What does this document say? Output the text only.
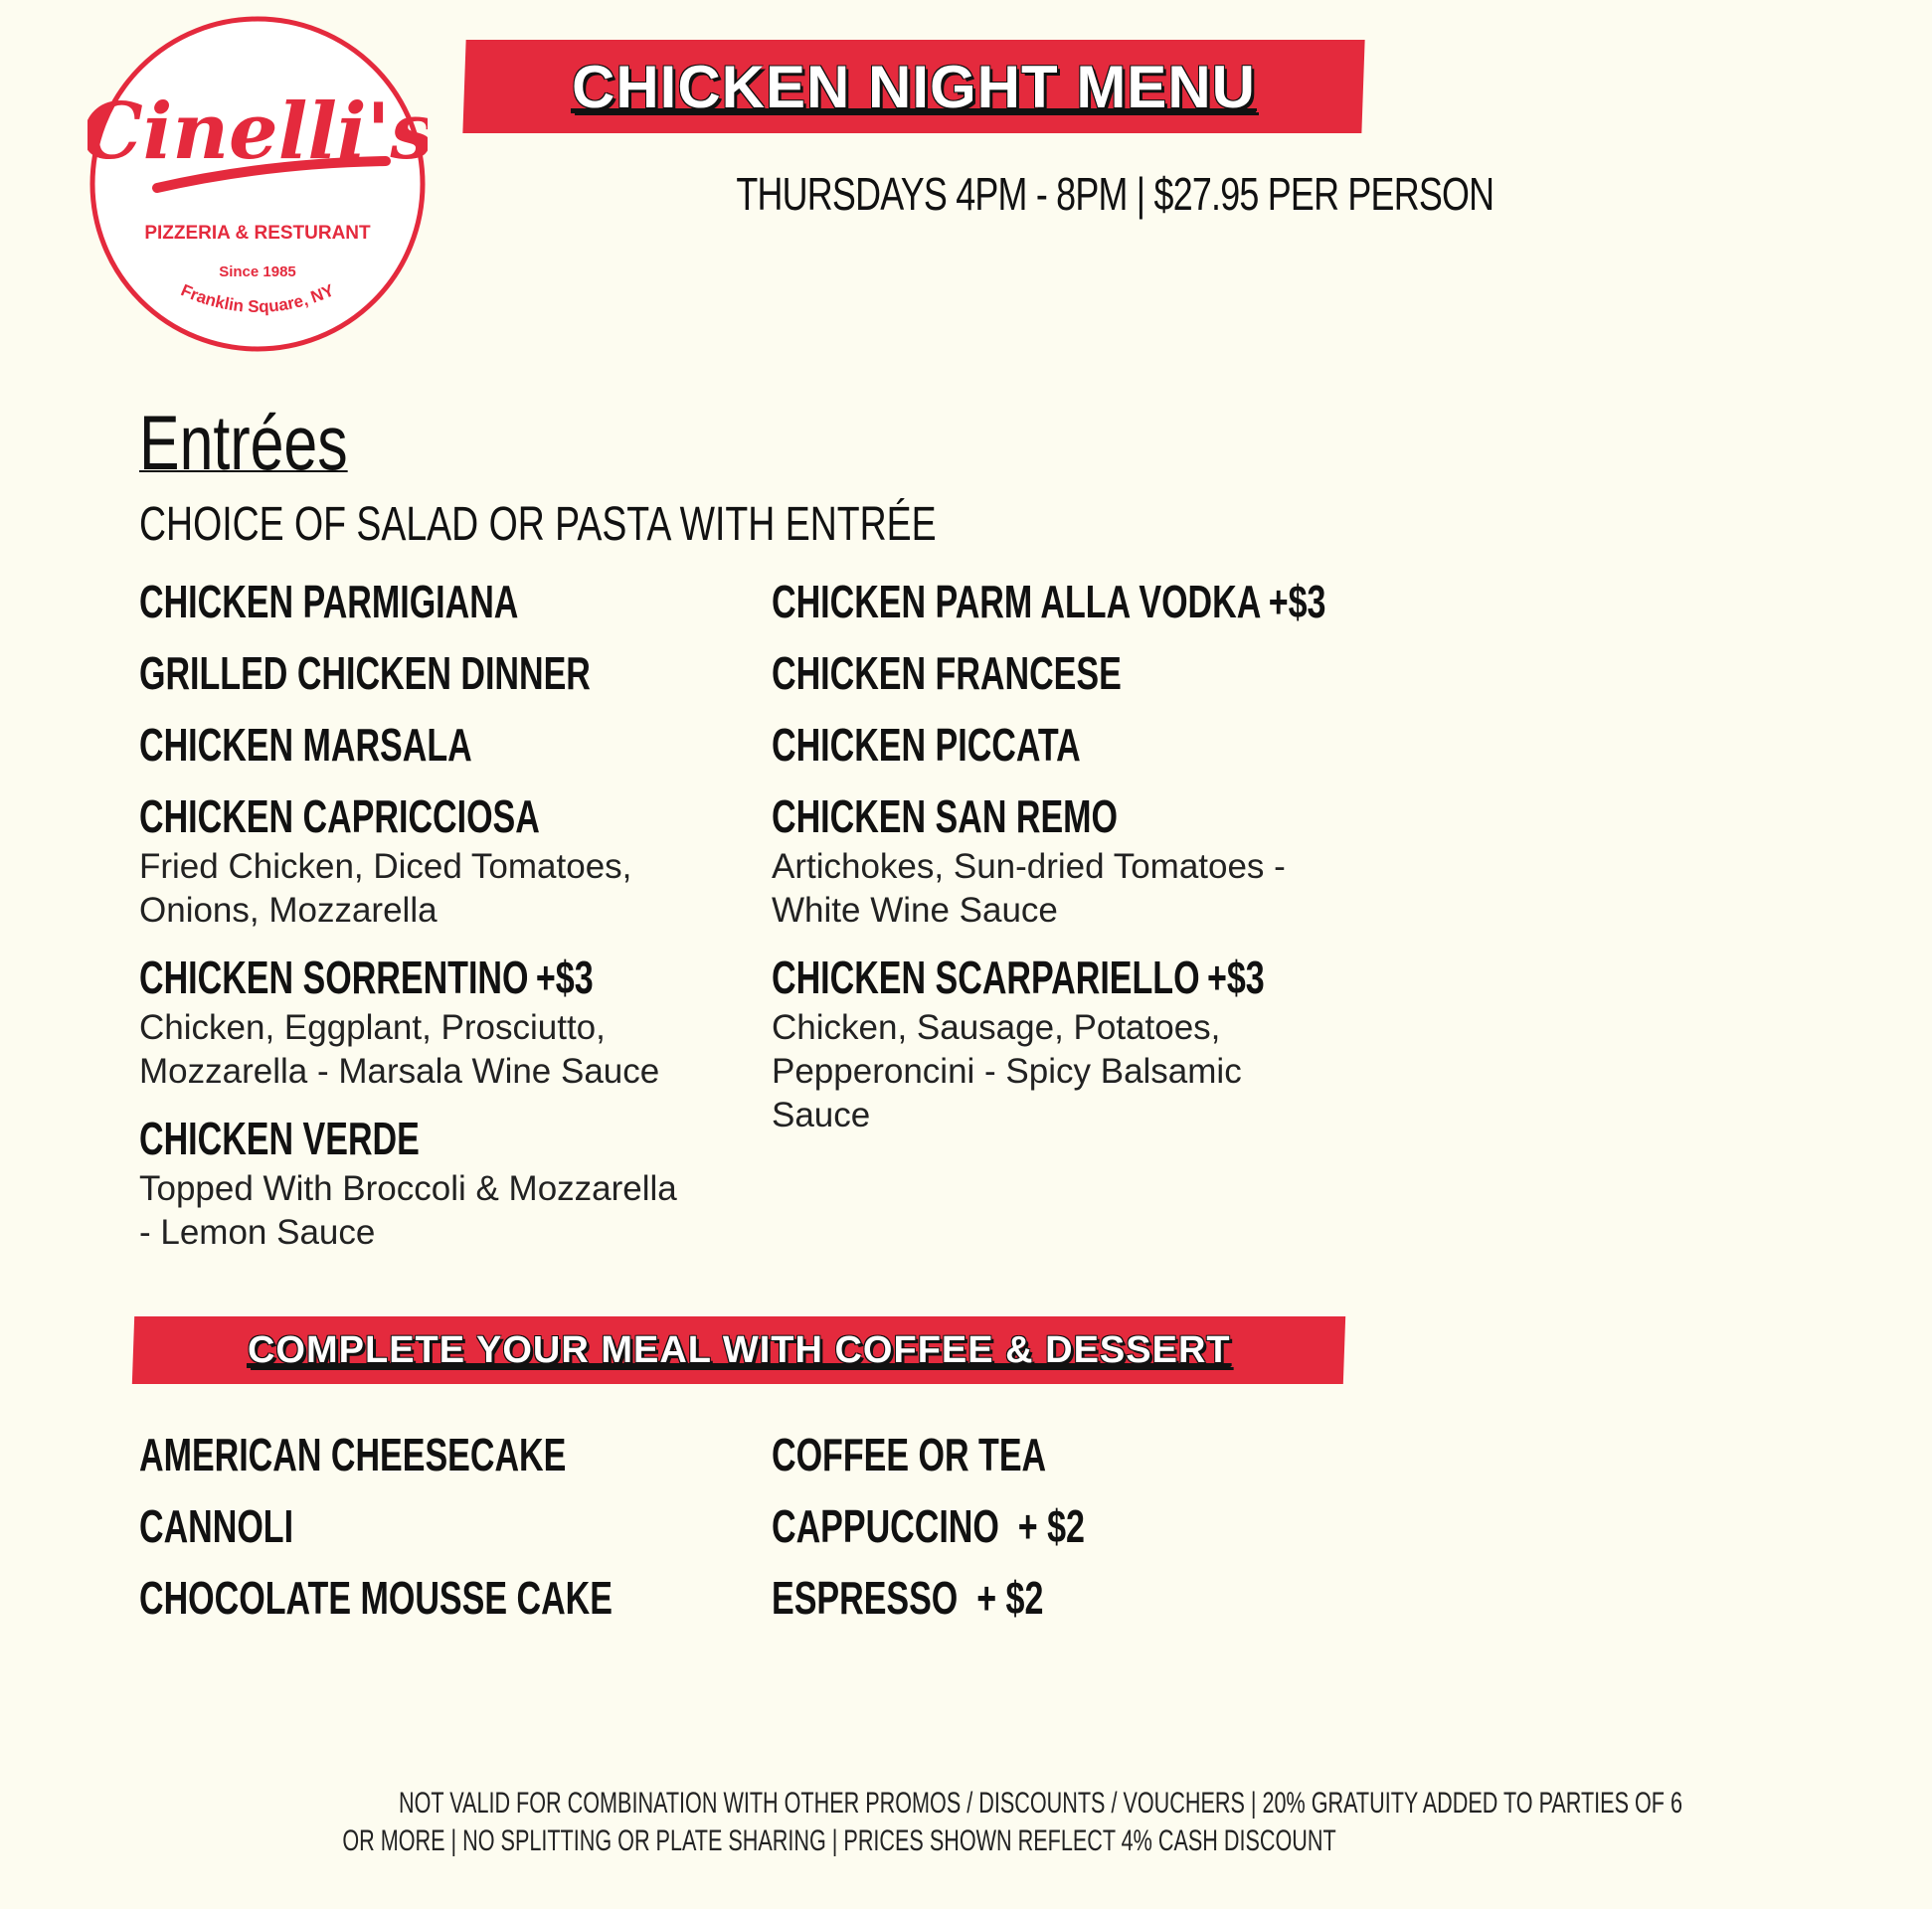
Cinelli's
PIZZERIA & RESTURANT
Since 1985
Franklin Square, NY
CHICKEN NIGHT MENU
THURSDAYS 4PM - 8PM | $27.95 PER PERSON
Entrées
CHOICE OF SALAD OR PASTA WITH ENTRÉE
CHICKEN PARMIGIANA
GRILLED CHICKEN DINNER
CHICKEN MARSALA
CHICKEN CAPRICCIOSA
Fried Chicken, Diced Tomatoes, Onions, Mozzarella
CHICKEN SORRENTINO +$3
Chicken, Eggplant, Prosciutto, Mozzarella - Marsala Wine Sauce
CHICKEN VERDE
Topped With Broccoli & Mozzarella - Lemon Sauce
CHICKEN PARM ALLA VODKA +$3
CHICKEN FRANCESE
CHICKEN PICCATA
CHICKEN SAN REMO
Artichokes, Sun-dried Tomatoes - White Wine Sauce
CHICKEN SCARPARIELLO +$3
Chicken, Sausage, Potatoes, Pepperoncini - Spicy Balsamic Sauce
COMPLETE YOUR MEAL WITH COFFEE & DESSERT
AMERICAN CHEESECAKE
CANNOLI
CHOCOLATE MOUSSE CAKE
COFFEE OR TEA
CAPPUCCINO + $2
ESPRESSO + $2
NOT VALID FOR COMBINATION WITH OTHER PROMOS / DISCOUNTS / VOUCHERS | 20% GRATUITY ADDED TO PARTIES OF 6
OR MORE | NO SPLITTING OR PLATE SHARING | PRICES SHOWN REFLECT 4% CASH DISCOUNT
